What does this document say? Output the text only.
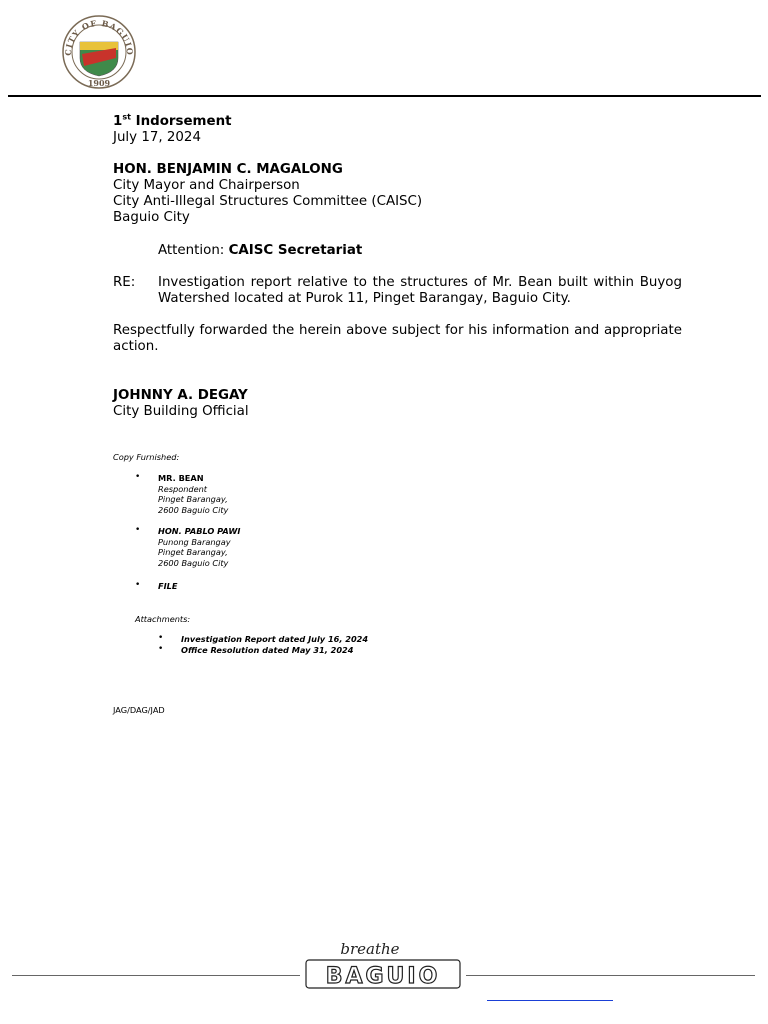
CITY OF BAGUIO
1909
1st Indorsement
July 17, 2024
HON. BENJAMIN C. MAGALONG
City Mayor and Chairperson
City Anti-Illegal Structures Committee (CAISC)
Baguio City
Attention: CAISC Secretariat
RE: Investigation report relative to the structures of Mr. Bean built within Buyog Watershed located at Purok 11, Pinget Barangay, Baguio City.
Respectfully forwarded the herein above subject for his information and appropriate action.
JOHNNY A. DEGAY
City Building Official
Copy Furnished:
• MR. BEAN
Respondent
Pinget Barangay,
2600 Baguio City
• HON. PABLO PAWI
Punong Barangay
Pinget Barangay,
2600 Baguio City
• FILE
Attachments:
• Investigation Report dated July 16, 2024
• Office Resolution dated May 31, 2024
JAG/DAG/JAD
breathe
BAGUIO
